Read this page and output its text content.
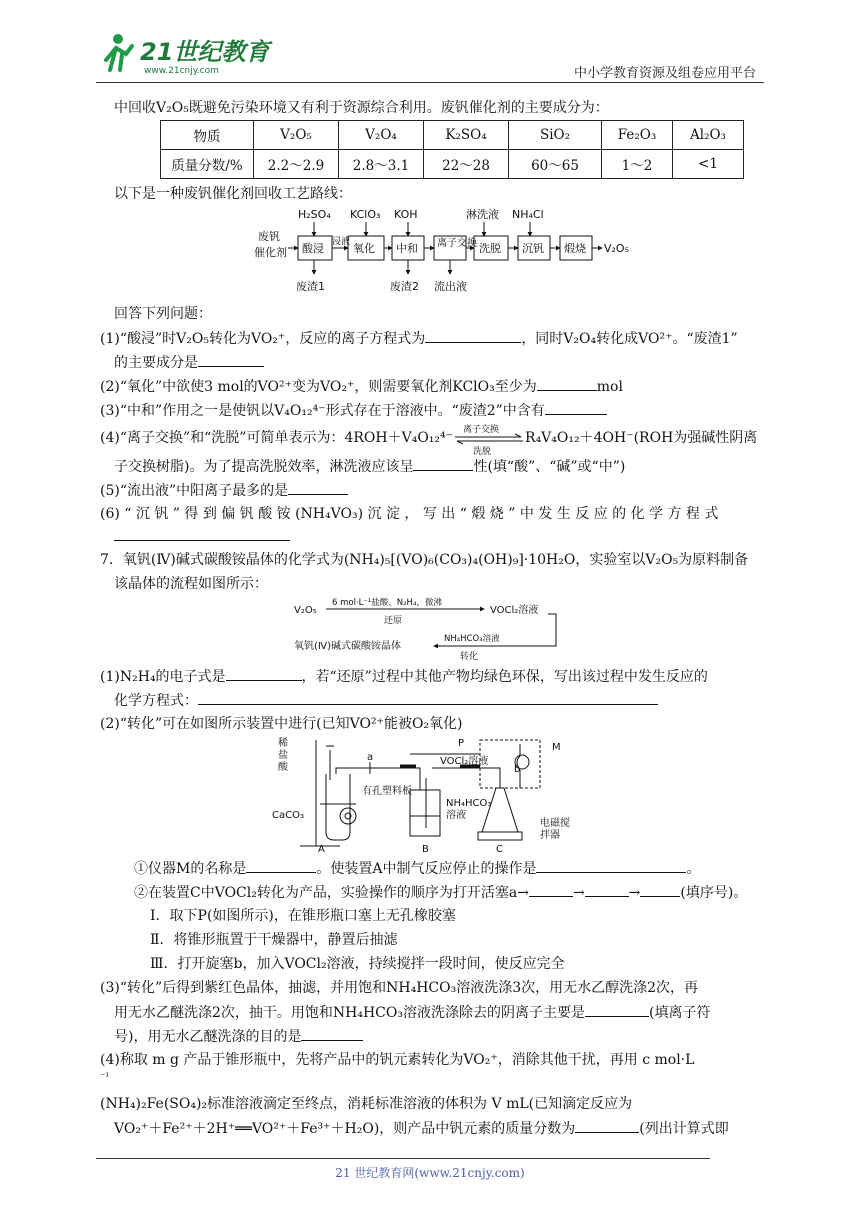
21世纪教育
www.21cnjy.com	中小学教育资源及组卷应用平台
中回收V₂O₅既避免污染环境又有利于资源综合利用。废钒催化剂的主要成分为：
物质	V₂O₅	V₂O₄	K₂SO₄	SiO₂	Fe₂O₃	Al₂O₃
质量分数/%	2.2～2.9	2.8～3.1	22～28	60～65	1～2	<1
以下是一种废钒催化剂回收工艺路线：
废钒
催化剂
H₂SO₄ KClO₃ KOH	淋洗液 NH₄Cl
酸浸 浸液 氧化 中和 离子交换 洗脱 沉钒 煅烧 V₂O₅
废渣1	废渣2 流出液
回答下列问题：
(1)“酸浸”时V₂O₅转化为VO₂⁺，反应的离子方程式为	，同时V₂O₄转化成VO²⁺。“废渣1”
的主要成分是
(2)“氧化”中欲使3 mol的VO²⁺变为VO₂⁺，则需要氧化剂KClO₃至少为	mol
(3)“中和”作用之一是使钒以V₄O₁₂⁴⁻形式存在于溶液中。“废渣2”中含有
(4)“离子交换”和“洗脱”可简单表示为：4ROH＋V₄O₁₂⁴⁻ 离子交换
洗脱
R₄V₄O₁₂＋4OH⁻(ROH为强碱性阴离
子交换树脂)。为了提高洗脱效率，淋洗液应该呈	性(填“酸”、“碱”或“中”)
(5)“流出液”中阳离子最多的是
(6) “ 沉 钒 ” 得 到 偏 钒 酸 铵 (NH₄VO₃) 沉 淀 ， 写 出 “ 煅 烧 ” 中 发 生 反 应 的 化 学 方 程 式
7．氧钒(Ⅳ)碱式碳酸铵晶体的化学式为(NH₄)₅[(VO)₆(CO₃)₄(OH)₉]·10H₂O，实验室以V₂O₅为原料制备
该晶体的流程如图所示：
V₂O₅
6 mol·L⁻¹盐酸、N₂H₄，微沸
还原
VOCl₂溶液
氧钒(Ⅳ)碱式碳酸铵晶体
NH₄HCO₃溶液
转化
(1)N₂H₄的电子式是	，若“还原”过程中其他产物均绿色环保，写出该过程中发生反应的
化学方程式：
(2)“转化”可在如图所示装置中进行(已知VO²⁺能被O₂氧化)
稀
盐
酸
CaCO₃
有孔塑料板
a	VOCl₂溶液
b
NH₄HCO₃
溶液
P	M
电磁搅
拌器
A	B	C
①仪器M的名称是	。使装置A中制气反应停止的操作是	。
②在装置C中VOCl₂转化为产品，实验操作的顺序为打开活塞a→	→	→	(填序号)。
Ⅰ．取下P(如图所示)，在锥形瓶口塞上无孔橡胶塞
Ⅱ．将锥形瓶置于干燥器中，静置后抽滤
Ⅲ．打开旋塞b，加入VOCl₂溶液，持续搅拌一段时间，使反应完全
(3)“转化”后得到紫红色晶体，抽滤，并用饱和NH₄HCO₃溶液洗涤3次，用无水乙醇洗涤2次，再
用无水乙醚洗涤2次，抽干。用饱和NH₄HCO₃溶液洗涤除去的阴离子主要是	(填离子符
号)，用无水乙醚洗涤的目的是
(4)称取 m g 产品于锥形瓶中，先将产品中的钒元素转化为VO₂⁺，消除其他干扰，再用 c mol·L
⁻¹
(NH₄)₂Fe(SO₄)₂标准溶液滴定至终点，消耗标准溶液的体积为 V mL(已知滴定反应为
VO₂⁺＋Fe²⁺＋2H⁺══VO²⁺＋Fe³⁺＋H₂O)，则产品中钒元素的质量分数为	(列出计算式即
21 世纪教育网(www.21cnjy.com)
